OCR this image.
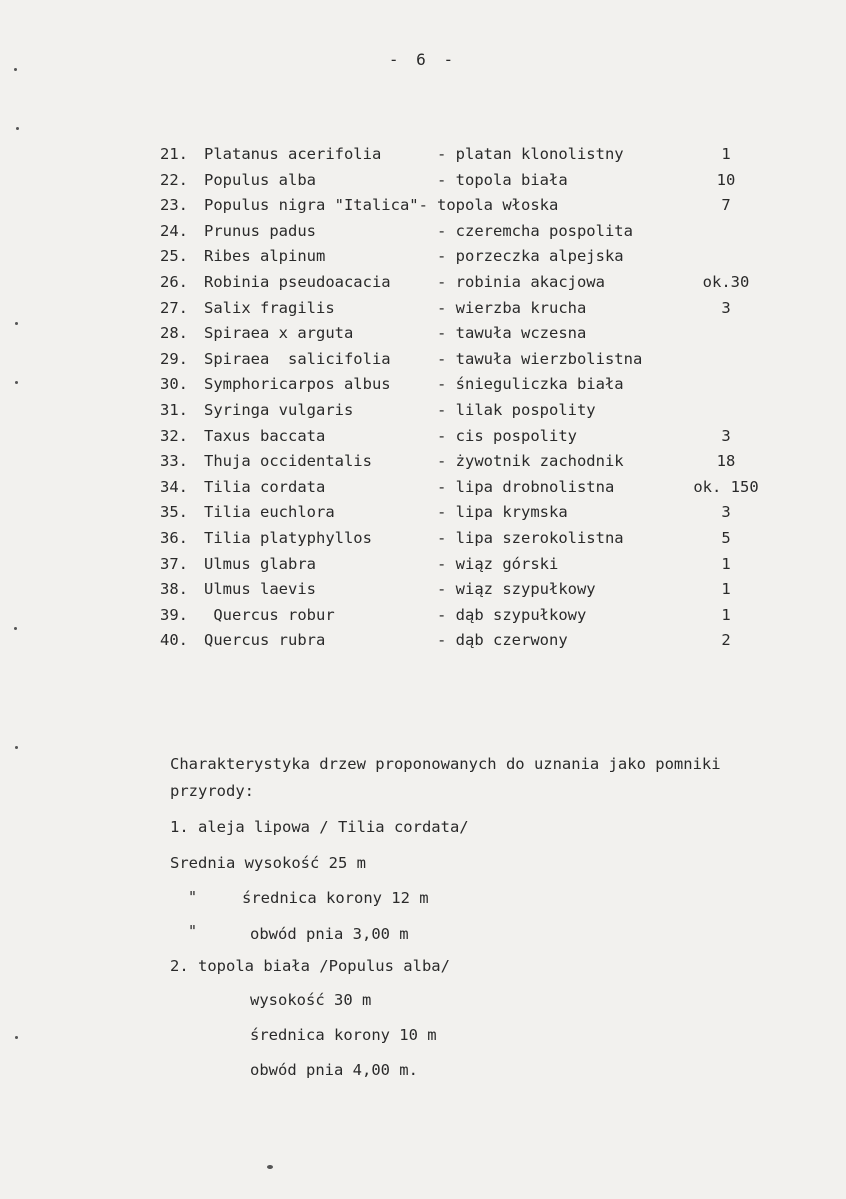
- 6 -
21. Platanus acerifolia	- platan klonolistny	1
22. Populus alba	- topola biała	10
23. Populus nigra "Italica"- topola włoska	7
24. Prunus padus	- czeremcha pospolita
25. Ribes alpinum	- porzeczka alpejska
26. Robinia pseudoacacia	- robinia akacjowa	ok.30
27. Salix fragilis	- wierzba krucha	3
28. Spiraea x arguta	- tawuła wczesna
29. Spiraea  salicifolia	- tawuła wierzbolistna
30. Symphoricarpos albus	- śnieguliczka biała
31. Syringa vulgaris	- lilak pospolity
32. Taxus baccata	- cis pospolity	3
33. Thuja occidentalis	- żywotnik zachodnik	18
34. Tilia cordata	- lipa drobnolistna	ok. 150
35. Tilia euchlora	- lipa krymska	3
36. Tilia platyphyllos	- lipa szerokolistna	5
37. Ulmus glabra	- wiąz górski	1
38. Ulmus laevis	- wiąz szypułkowy	1
39. Quercus robur	- dąb szypułkowy	1
40. Quercus rubra	- dąb czerwony	2
Charakterystyka drzew proponowanych do uznania jako pomniki przyrody:
1. aleja lipowa / Tilia cordata/
Srednia wysokość 25 m
"	średnica korony 12 m
"	obwód pnia 3,00 m
2. topola biała /Populus alba/
wysokość 30 m
średnica korony 10 m
obwód pnia 4,00 m.
